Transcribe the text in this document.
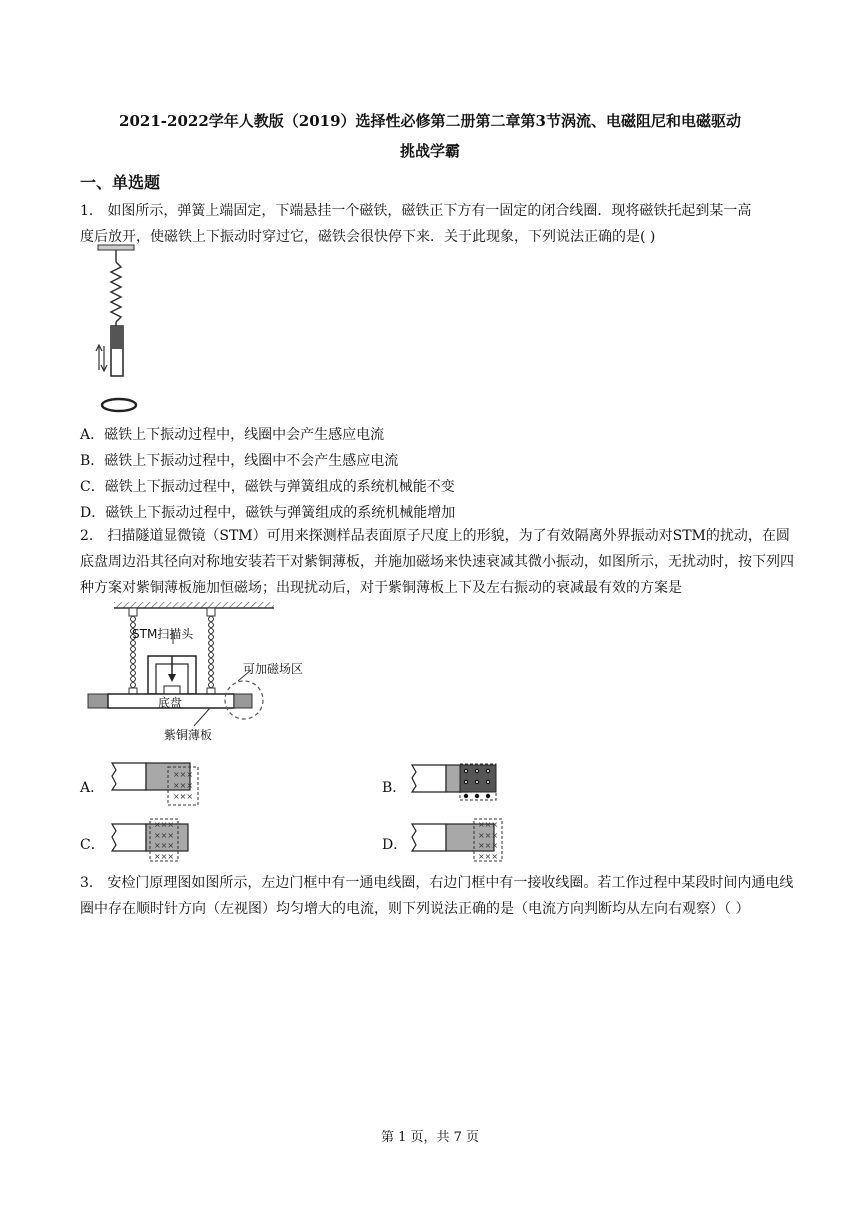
2021-2022学年人教版（2019）选择性必修第二册第二章第3节涡流、电磁阻尼和电磁驱动
挑战学霸
一、单选题
1． 如图所示，弹簧上端固定，下端悬挂一个磁铁，磁铁正下方有一固定的闭合线圈．现将磁铁托起到某一高
度后放开，使磁铁上下振动时穿过它，磁铁会很快停下来．关于此现象，下列说法正确的是( )
A．磁铁上下振动过程中，线圈中会产生感应电流
B．磁铁上下振动过程中，线圈中不会产生感应电流
C．磁铁上下振动过程中，磁铁与弹簧组成的系统机械能不变
D．磁铁上下振动过程中，磁铁与弹簧组成的系统机械能增加
2． 扫描隧道显微镜（STM）可用来探测样品表面原子尺度上的形貌，为了有效隔离外界振动对STM的扰动，在圆底盘周边沿其径向对称地安装若干对紫铜薄板，并施加磁场来快速衰减其微小振动，如图所示，无扰动时，按下列四种方案对紫铜薄板施加恒磁场；出现扰动后，对于紫铜薄板上下及左右振动的衰减最有效的方案是
STM扫描头
可加磁场区
底盘
紫铜薄板
A．
×××
×××
×××
B．
C．
×××
×××
×××
×××
D．
×××
×××
×××
×××
3． 安检门原理图如图所示，左边门框中有一通电线圈，右边门框中有一接收线圈。若工作过程中某段时间内通电线圈中存在顺时针方向（左视图）均匀增大的电流，则下列说法正确的是（电流方向判断均从左向右观察）（ ）
第 1 页，共 7 页
